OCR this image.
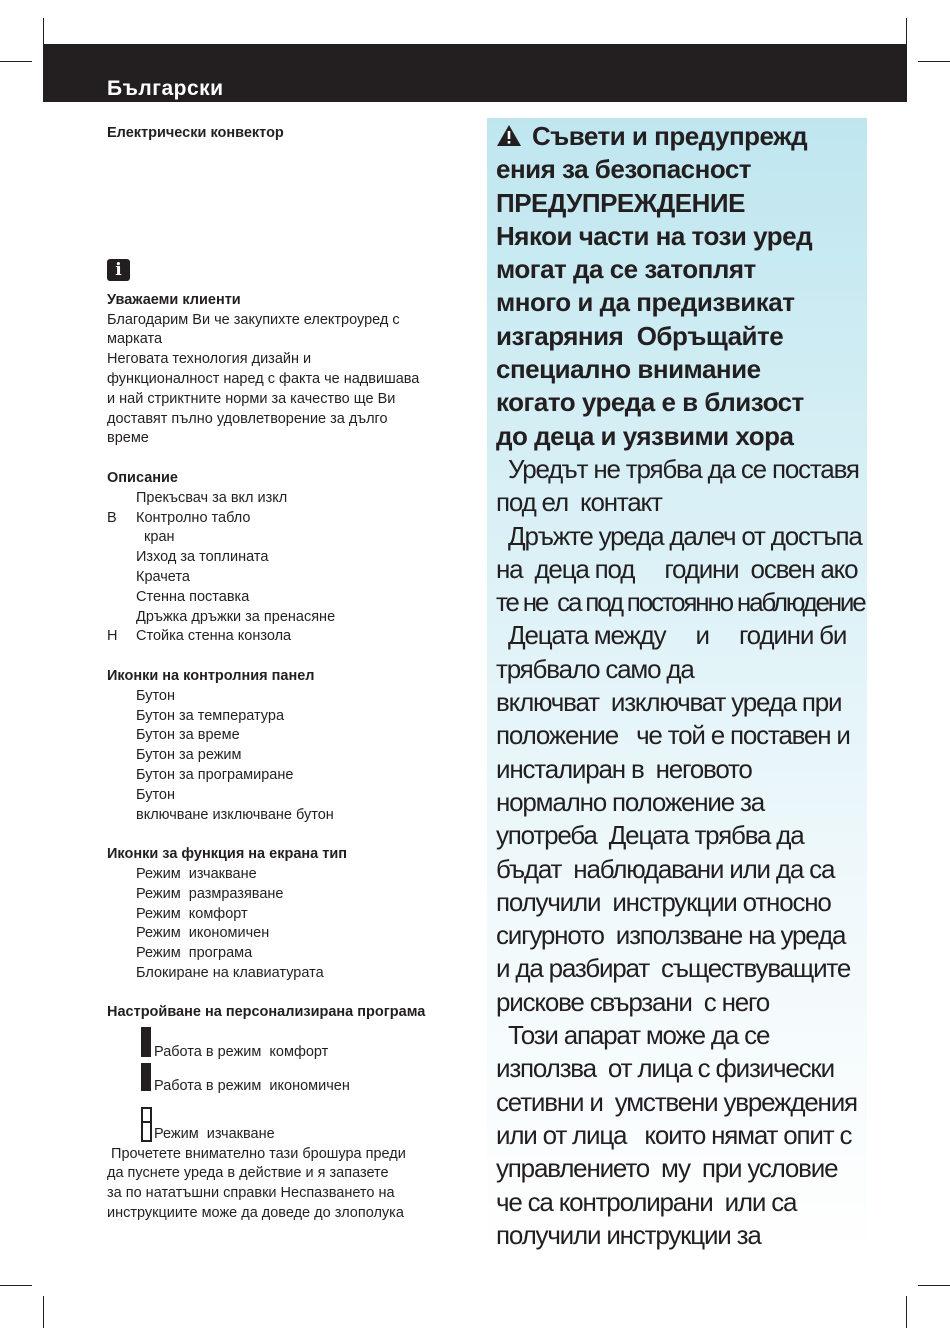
Български
i
Електрически конвектор
Уважаеми клиенти
Благодарим Ви че закупихте електроуред с
марката
Неговата технология дизайн и
функционалност наред с факта че надвишава
и най стриктните норми за качество ще Ви
доставят пълно удовлетворение за дълго
време
Описание
Прекъсвач за вкл изкл
В Контролно табло
кран
Изход за топлината
Крачета
Стенна поставка
Дръжка дръжки за пренасяне
Н Стойка стенна конзола
Иконки на контролния панел
Бутон
Бутон за температура
Бутон за време
Бутон за режим
Бутон за програмиране
Бутон
включване изключване бутон
Иконки за функция на екрана тип
Режим  изчакване
Режим  размразяване
Режим  комфорт
Режим  икономичен
Режим  програма
Блокиране на клавиатурата
Настройване на персонализирана програма
Работа в режим  комфорт
Работа в режим  икономичен
Режим  изчакване
Прочетете внимателно тази брошура преди
да пуснете уреда в действие и я запазете
за по нататъшни справки Неспазването на
инструкциите може да доведе до злополука
Съвети и предупрежд
ения за безопасност
ПРЕДУПРЕЖДЕНИЕ
Някои части на този уред
могат да се затоплят
много и да предизвикат
изгаряния  Обръщайте
специално внимание
когато уреда е в близост
до деца и уязвими хора
Уредът не трябва да се поставя
под ел  контакт
Дръжте уреда далеч от достъпа
на  деца под     години  освен ако
те не  са под постоянно наблюдение
Децата между     и     години би
трябвало само да
включват  изключват уреда при
положение   че той е поставен и
инсталиран в  неговото
нормално положение за
употреба  Децата трябва да
бъдат  наблюдавани или да са
получили  инструкции относно
сигурното  използване на уреда
и да разбират  съществуващите
рискове свързани  с него
Този апарат може да се
използва  от лица с физически
сетивни и  умствени увреждения
или от лица   които нямат опит с
управлението  му  при условие
че са контролирани  или са
получили инструкции за
